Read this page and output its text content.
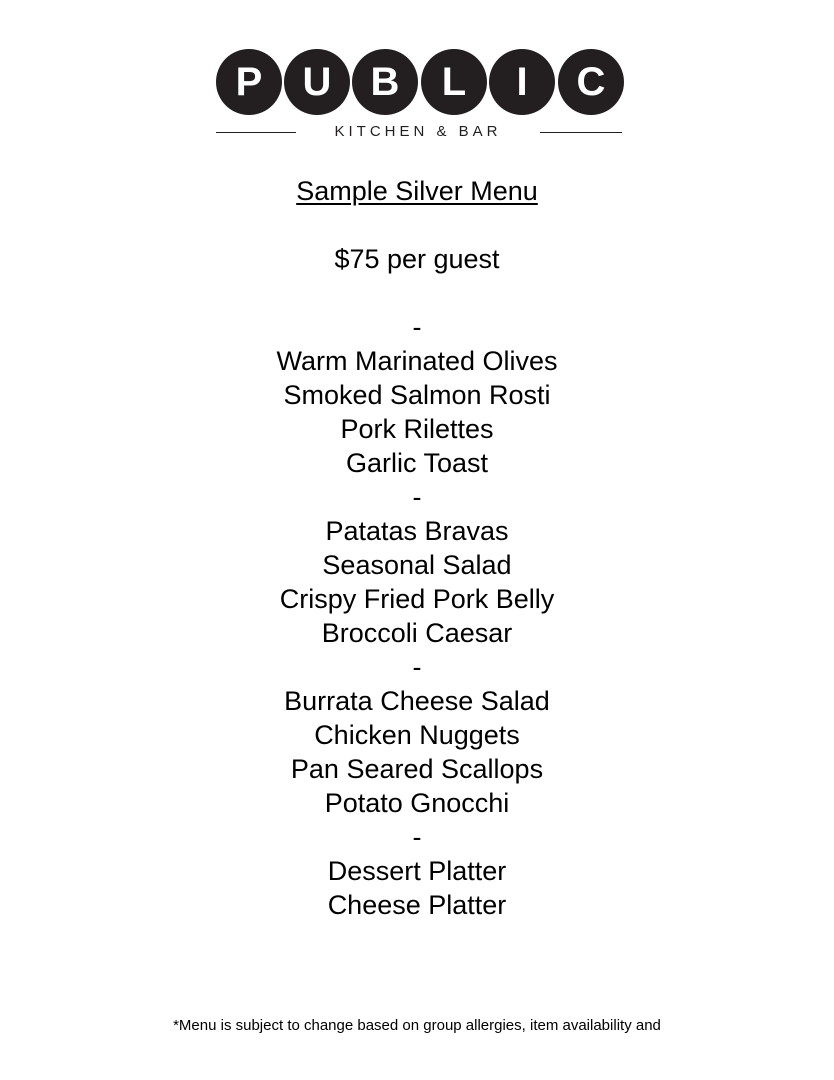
P	U B	L	I	C
KITCHEN & BAR
Sample Silver Menu
$75 per guest
-
Warm Marinated Olives
Smoked Salmon Rosti
Pork Rilettes
Garlic Toast
-
Patatas Bravas
Seasonal Salad
Crispy Fried Pork Belly
Broccoli Caesar
-
Burrata Cheese Salad
Chicken Nuggets
Pan Seared Scallops
Potato Gnocchi
-
Dessert Platter
Cheese Platter
*Menu is subject to change based on group allergies, item availability and
